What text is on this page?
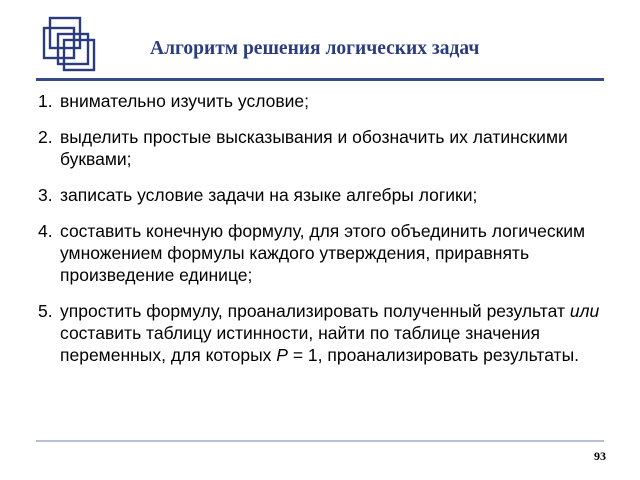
Алгоритм решения логических задач
1. внимательно изучить условие;
2. выделить простые высказывания и обозначить их латинскими буквами;
3. записать условие задачи на языке алгебры логики;
4. составить конечную формулу, для этого объединить логическим умножением формулы каждого утверждения, приравнять произведение единице;
5. упростить формулу, проанализировать полученный результат или составить таблицу истинности, найти по таблице значения переменных, для которых P = 1, проанализировать результаты.
93
